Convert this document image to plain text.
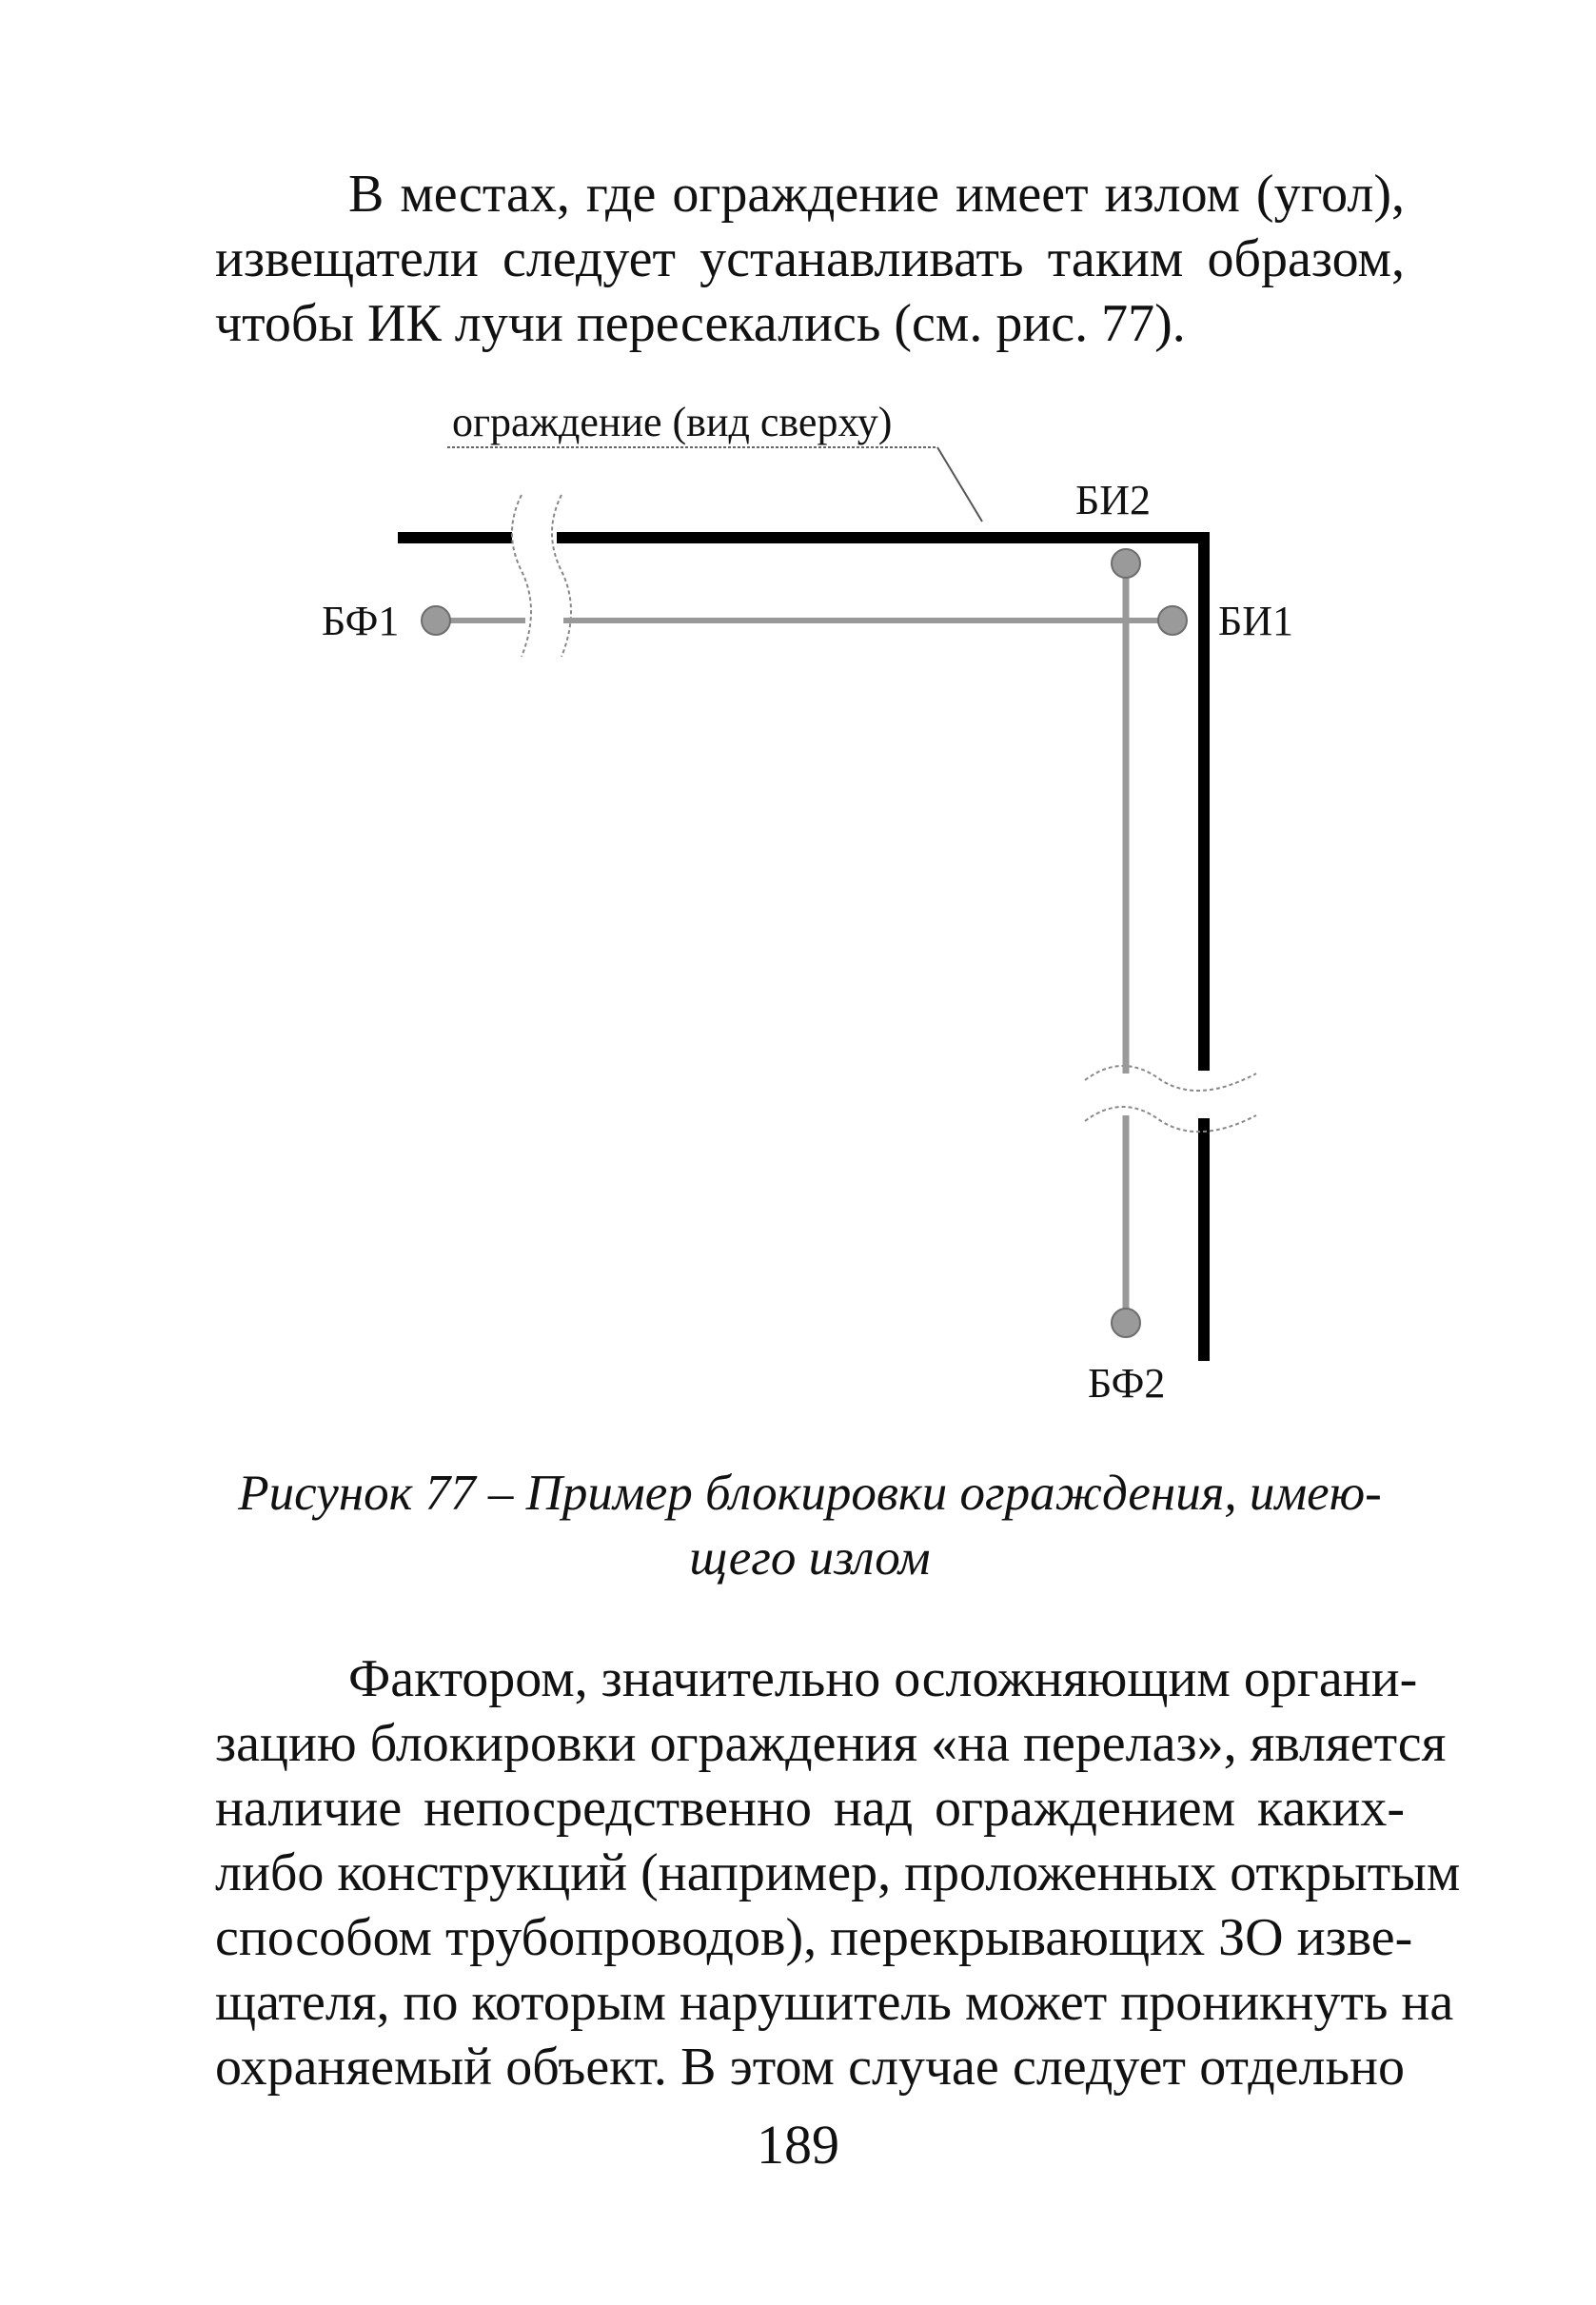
В местах, где ограждение имеет излом (угол),
извещатели следует устанавливать таким образом,
чтобы ИК лучи пересекались (см. рис. 77).
ограждение (вид сверху)
БФ1	БИ1
БИ2
БФ2
Рисунок 77 – Пример блокировки ограждения, имею-
щего излом
Фактором, значительно осложняющим органи-
зацию блокировки ограждения «на перелаз», является
наличие непосредственно над ограждением каких-
либо конструкций (например, проложенных открытым
способом трубопроводов), перекрывающих ЗО изве-
щателя, по которым нарушитель может проникнуть на
охраняемый объект. В этом случае следует отдельно
189
